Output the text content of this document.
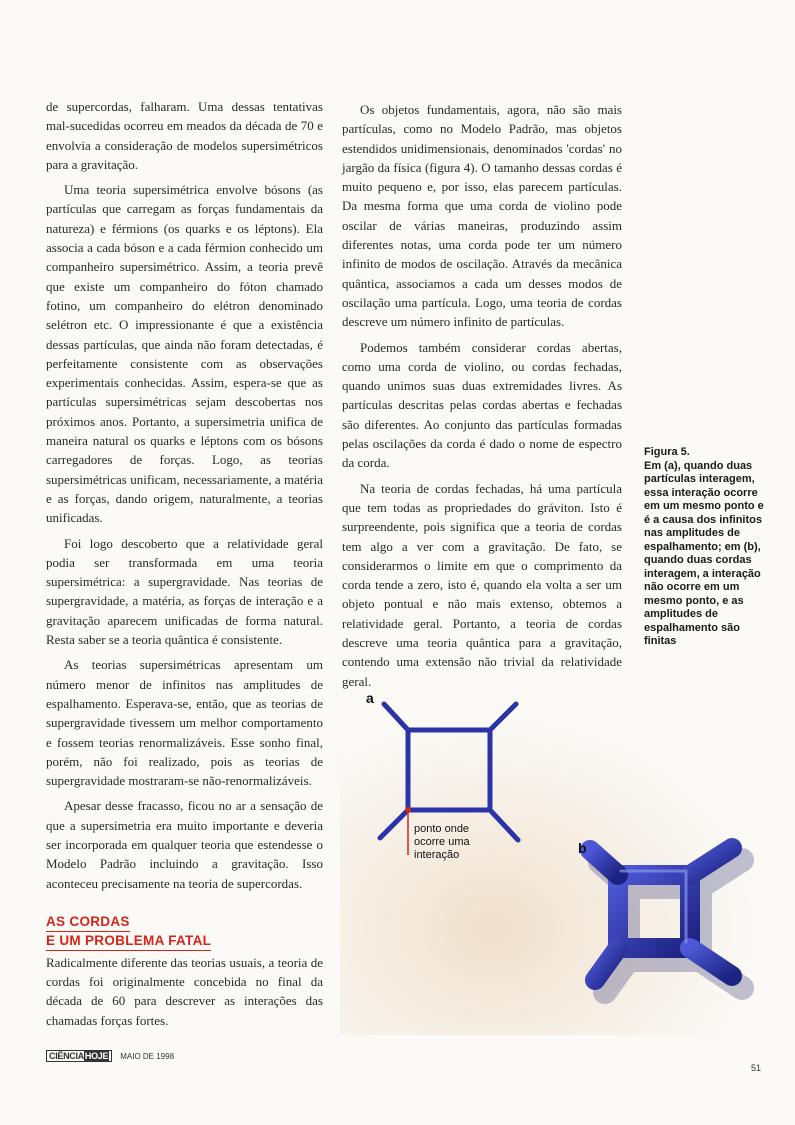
de supercordas, falharam. Uma dessas tentativas mal-sucedidas ocorreu em meados da década de 70 e envolvia a consideração de modelos supersimétricos para a gravitação.

Uma teoria supersimétrica envolve bósons (as partículas que carregam as forças fundamentais da natureza) e férmions (os quarks e os léptons). Ela associa a cada bóson e a cada férmion conhecido um companheiro supersimétrico. Assim, a teoria prevê que existe um companheiro do fóton chamado fotino, um companheiro do elétron denominado selétron etc. O impressionante é que a existência dessas partículas, que ainda não foram detectadas, é perfeitamente consistente com as observações experimentais conhecidas. Assim, espera-se que as partículas supersimétricas sejam descobertas nos próximos anos. Portanto, a supersimetria unifica de maneira natural os quarks e léptons com os bósons carregadores de forças. Logo, as teorias supersimétricas unificam, necessariamente, a matéria e as forças, dando origem, naturalmente, a teorias unificadas.

Foi logo descoberto que a relatividade geral podia ser transformada em uma teoria supersimétrica: a supergravidade. Nas teorias de supergravidade, a matéria, as forças de interação e a gravitação aparecem unificadas de forma natural. Resta saber se a teoria quântica é consistente.

As teorias supersimétricas apresentam um número menor de infinitos nas amplitudes de espalhamento. Esperava-se, então, que as teorias de supergravidade tivessem um melhor comportamento e fossem teorias renormalizáveis. Esse sonho final, porém, não foi realizado, pois as teorias de supergravidade mostraram-se não-renormalizáveis.

Apesar desse fracasso, ficou no ar a sensação de que a supersimetria era muito importante e deveria ser incorporada em qualquer teoria que estendesse o Modelo Padrão incluindo a gravitação. Isso aconteceu precisamente na teoria de supercordas.

AS CORDAS
E UM PROBLEMA FATAL

Radicalmente diferente das teorias usuais, a teoria de cordas foi originalmente concebida no final da década de 60 para descrever as interações das chamadas forças fortes.

Os objetos fundamentais, agora, não são mais partículas, como no Modelo Padrão, mas objetos estendidos unidimensionais, denominados 'cordas' no jargão da física (figura 4). O tamanho dessas cordas é muito pequeno e, por isso, elas parecem partículas. Da mesma forma que uma corda de violino pode oscilar de várias maneiras, produzindo assim diferentes notas, uma corda pode ter um número infinito de modos de oscilação. Através da mecânica quântica, associamos a cada um desses modos de oscilação uma partícula. Logo, uma teoria de cordas descreve um número infinito de partículas.

Podemos também considerar cordas abertas, como uma corda de violino, ou cordas fechadas, quando unimos suas duas extremidades livres. As partículas descritas pelas cordas abertas e fechadas são diferentes. Ao conjunto das partículas formadas pelas oscilações da corda é dado o nome de espectro da corda.

Na teoria de cordas fechadas, há uma partícula que tem todas as propriedades do gráviton. Isto é surpreendente, pois significa que a teoria de cordas tem algo a ver com a gravitação. De fato, se considerarmos o limite em que o comprimento da corda tende a zero, isto é, quando ela volta a ser um objeto pontual e não mais extenso, obtemos a relatividade geral. Portanto, a teoria de cordas descreve uma teoria quântica para a gravitação, contendo uma extensão não trivial da relatividade

Figura 5.
Em (a), quando duas partículas interagem, essa interação ocorre em um mesmo ponto e é a causa dos infinitos nas amplitudes de espalhamento; em (b), quando duas cordas interagem, a interação não ocorre em um mesmo ponto, e as amplitudes de espalhamento são finitas
a
b
ponto onde
ocorre uma
interação
CIÊNCIAHOJE	MAIO DE 1998
51
